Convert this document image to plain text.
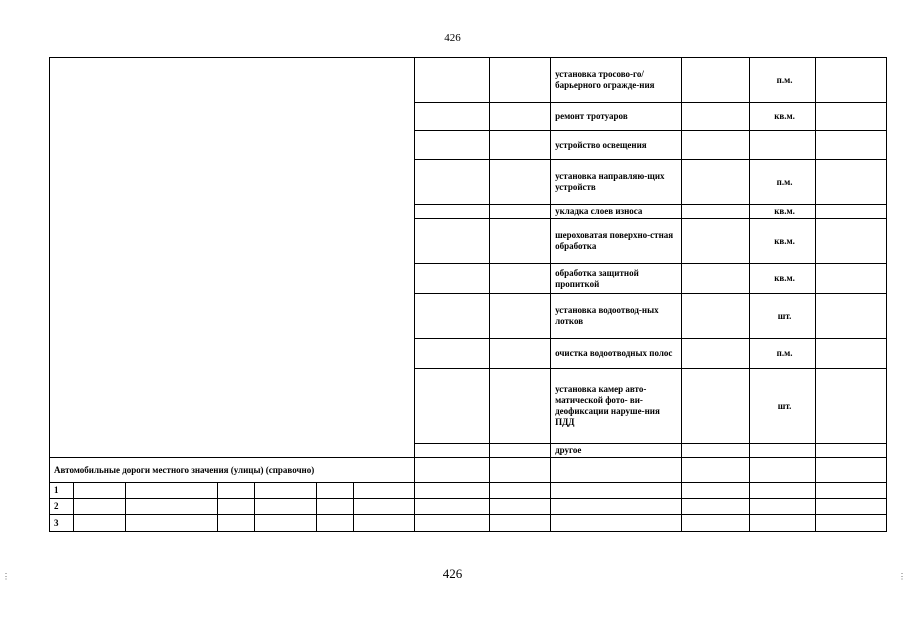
426
									установка тросово-го/барьерного огражде-ния		п.м.	
									ремонт тротуаров		кв.м.	
									устройство освещения			
									установка направляю-щих устройств		п.м.	
									укладка слоев износа		кв.м.	
									шероховатая поверхно-стная обработка		кв.м.	
									обработка защитной пропиткой		кв.м.	
									установка водоотвод-ных лотков		шт.	
									очистка водоотводных полос		п.м.	
									установка камер авто-матической фото- ви-деофиксации наруше-ния ПДД		шт.	
									другое			
Автомобильные дороги местного значения (улицы) (справочно)												
1												
2												
3												
426
⋮	⋮
